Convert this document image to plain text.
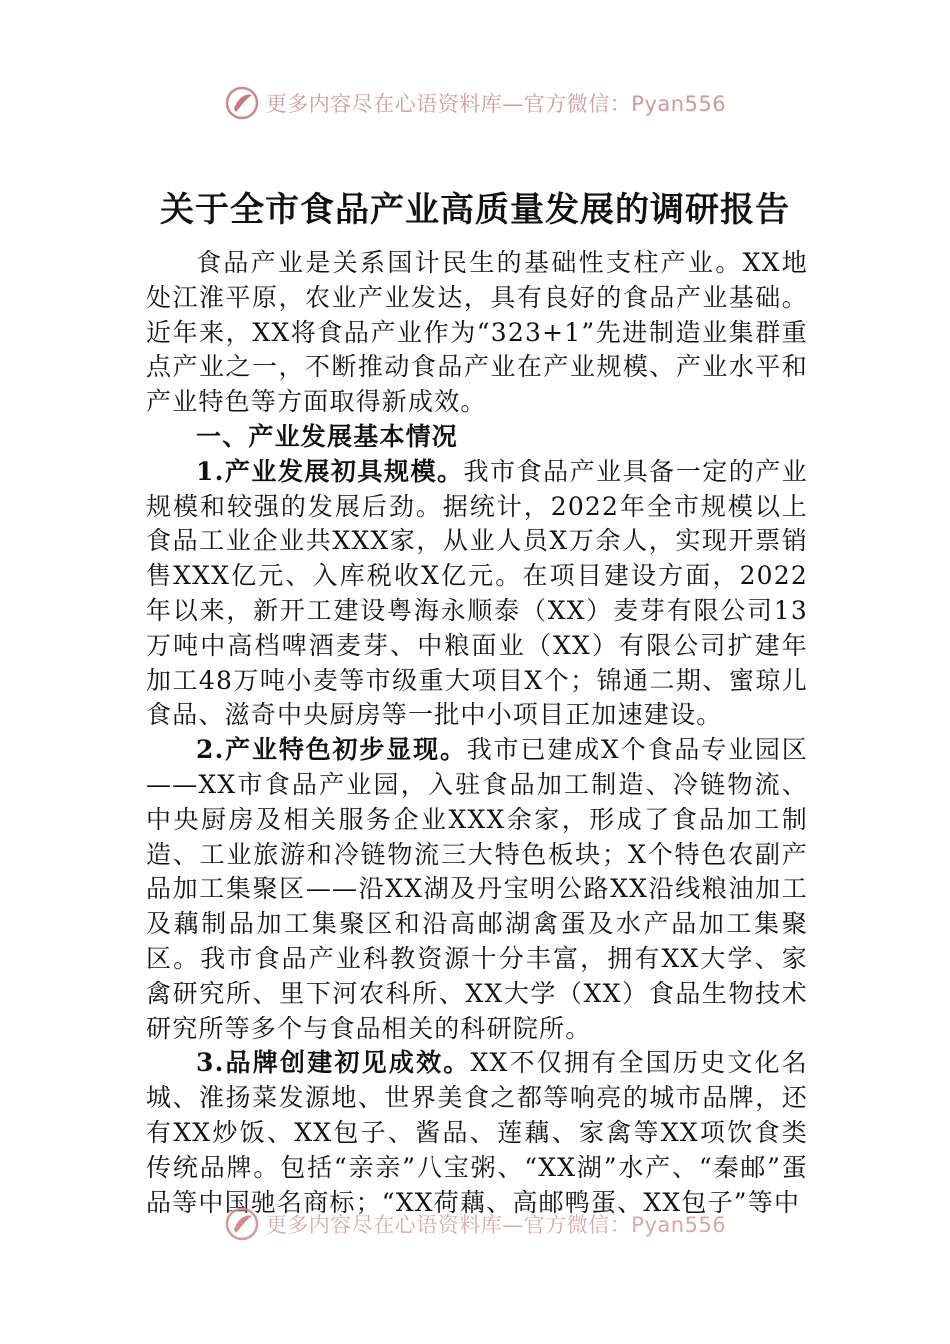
更多内容尽在心语资料库—官方微信：Pyan556
关于全市食品产业高质量发展的调研报告

食品产业是关系国计民生的基础性支柱产业。XX地处江淮平原，农业产业发达，具有良好的食品产业基础。近年来，XX将食品产业作为“323+1”先进制造业集群重点产业之一，不断推动食品产业在产业规模、产业水平和产业特色等方面取得新成效。

一、产业发展基本情况

1.产业发展初具规模。我市食品产业具备一定的产业规模和较强的发展后劲。据统计，2022年全市规模以上食品工业企业共XXX家，从业人员X万余人，实现开票销售XXX亿元、入库税收X亿元。在项目建设方面，2022年以来，新开工建设粤海永顺泰（XX）麦芽有限公司13万吨中高档啤酒麦芽、中粮面业（XX）有限公司扩建年加工48万吨小麦等市级重大项目X个；锦通二期、蜜琼儿食品、滋奇中央厨房等一批中小项目正加速建设。

2.产业特色初步显现。我市已建成X个食品专业园区——XX市食品产业园，入驻食品加工制造、冷链物流、中央厨房及相关服务企业XXX余家，形成了食品加工制造、工业旅游和冷链物流三大特色板块；X个特色农副产品加工集聚区——沿XX湖及丹宝明公路XX沿线粮油加工及藕制品加工集聚区和沿高邮湖禽蛋及水产品加工集聚区。我市食品产业科教资源十分丰富，拥有XX大学、家禽研究所、里下河农科所、XX大学（XX）食品生物技术研究所等多个与食品相关的科研院所。

3.品牌创建初见成效。XX不仅拥有全国历史文化名城、淮扬菜发源地、世界美食之都等响亮的城市品牌，还有XX炒饭、XX包子、酱品、莲藕、家禽等XX项饮食类传统品牌。包括“亲亲”八宝粥、“XX湖”水产、“秦邮”蛋品等中国驰名商标；“XX荷藕、高邮鸭蛋、XX包子”等中

更多内容尽在心语资料库—官方微信：Pyan556
